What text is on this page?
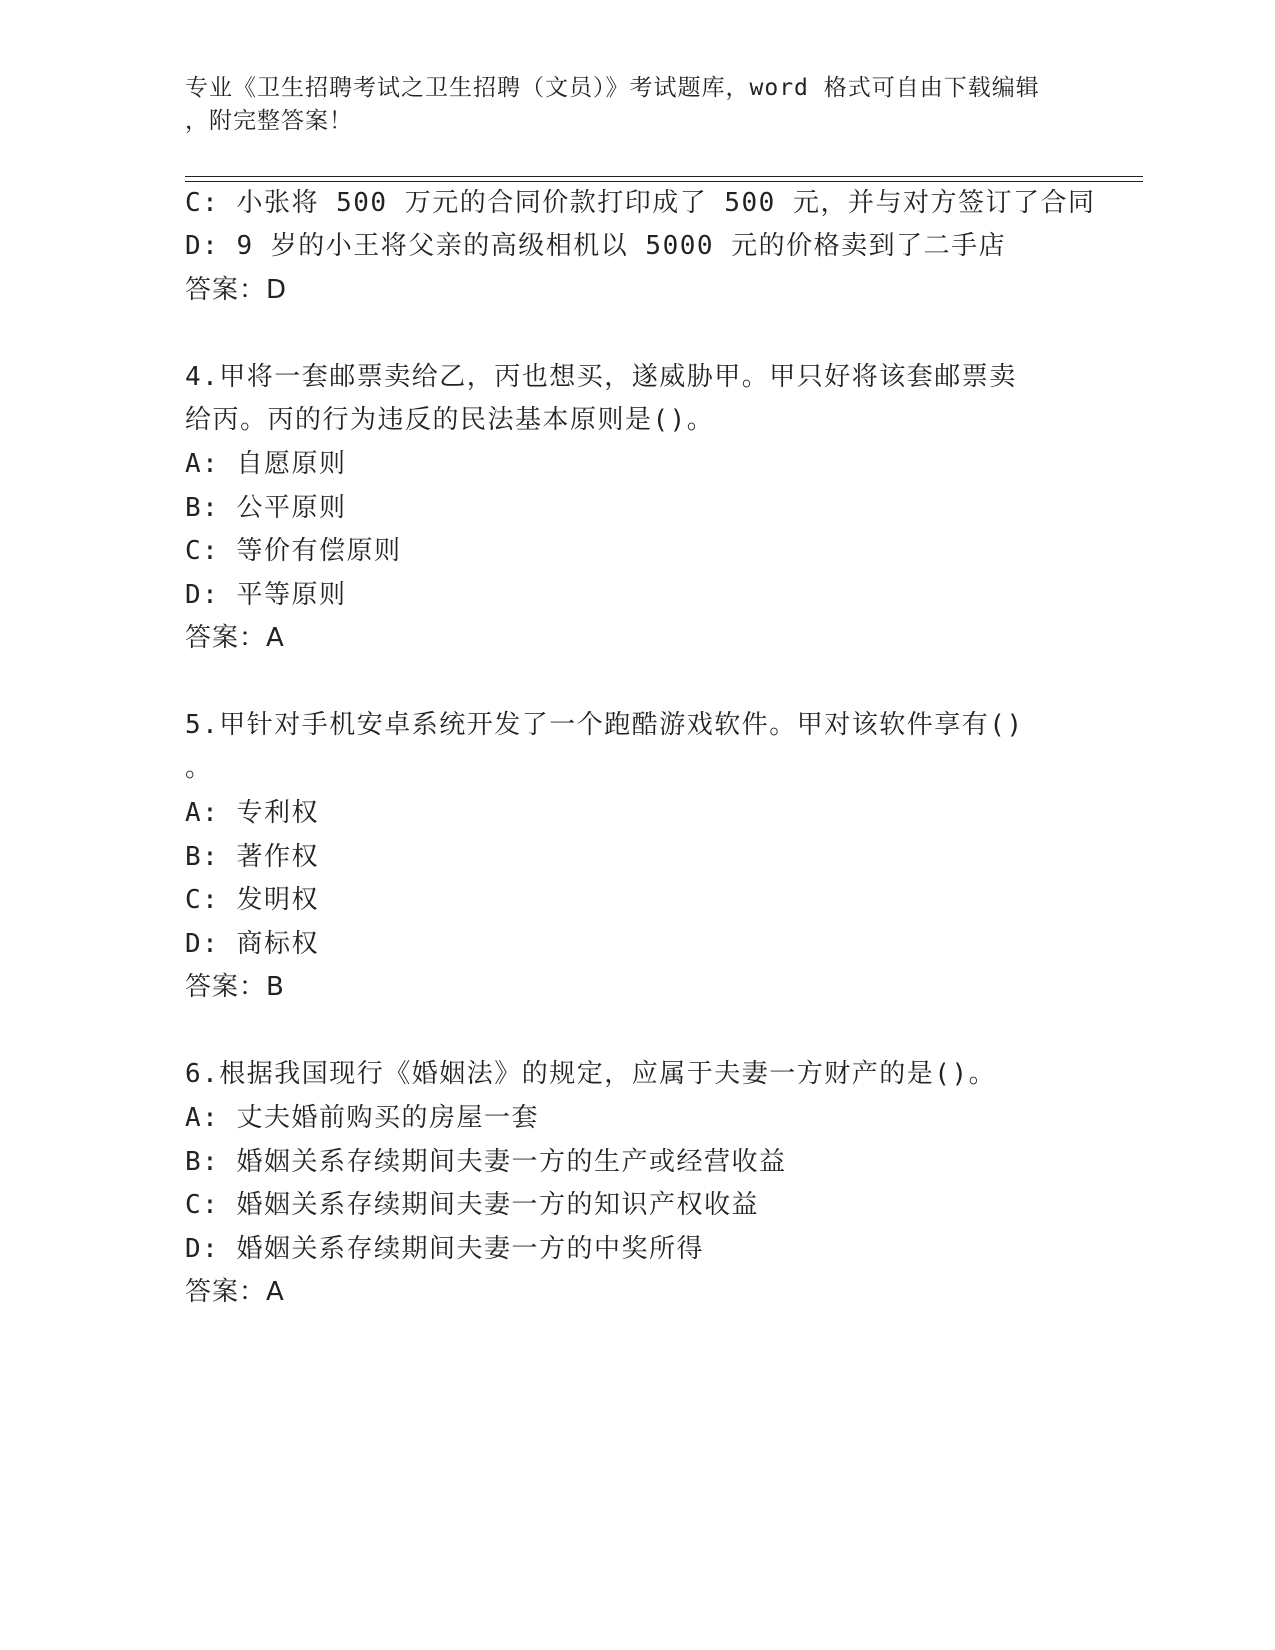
专业《卫生招聘考试之卫生招聘（文员）》考试题库，word 格式可自由下载编辑
，附完整答案！
C: 小张将 500 万元的合同价款打印成了 500 元，并与对方签订了合同
D: 9 岁的小王将父亲的高级相机以 5000 元的价格卖到了二手店
答案：D
4.甲将一套邮票卖给乙，丙也想买，遂威胁甲。甲只好将该套邮票卖
给丙。丙的行为违反的民法基本原则是()。
A: 自愿原则
B: 公平原则
C: 等价有偿原则
D: 平等原则
答案：A
5.甲针对手机安卓系统开发了一个跑酷游戏软件。甲对该软件享有()
。
A: 专利权
B: 著作权
C: 发明权
D: 商标权
答案：B
6.根据我国现行《婚姻法》的规定，应属于夫妻一方财产的是()。
A: 丈夫婚前购买的房屋一套
B: 婚姻关系存续期间夫妻一方的生产或经营收益
C: 婚姻关系存续期间夫妻一方的知识产权收益
D: 婚姻关系存续期间夫妻一方的中奖所得
答案：A
